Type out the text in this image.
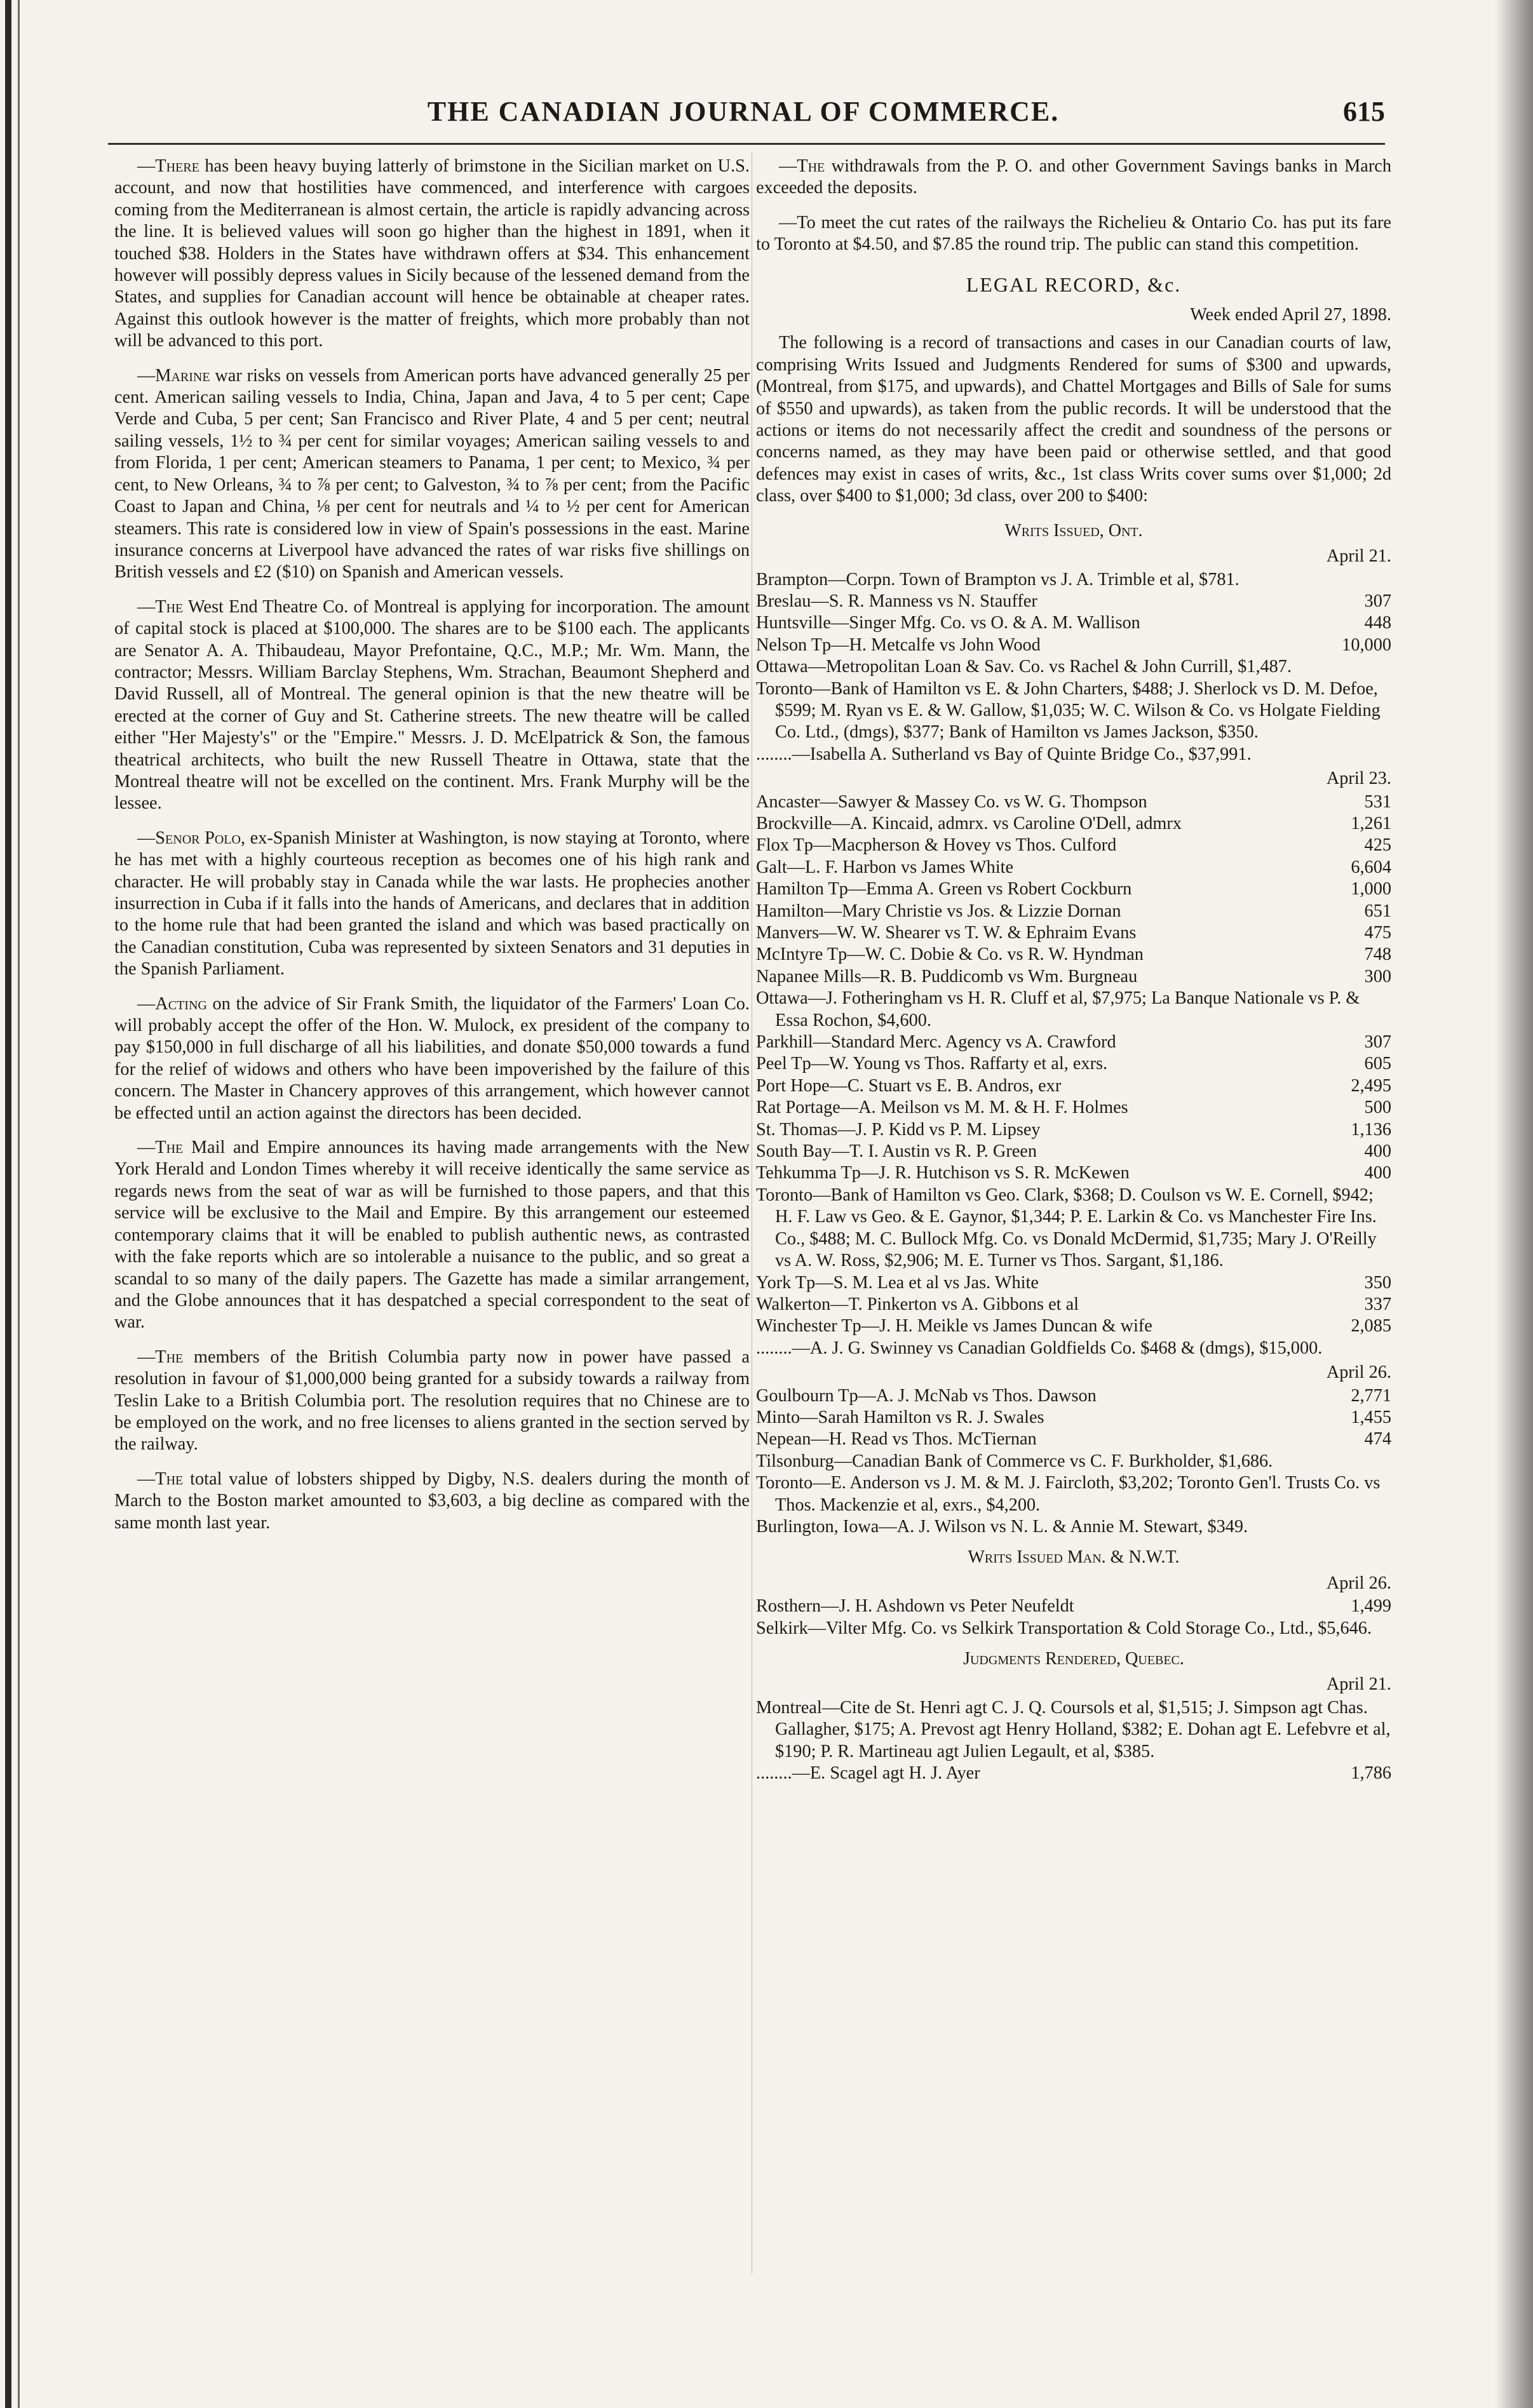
THE CANADIAN JOURNAL OF COMMERCE.	615

—There has been heavy buying latterly of brimstone in the Sicilian market on U.S. account, and now that hostilities have commenced, and interference with cargoes coming from the Mediterranean is almost certain, the article is rapidly advancing across the line. It is believed values will soon go higher than the highest in 1891, when it touched $38. Holders in the States have withdrawn offers at $34. This enhancement however will possibly depress values in Sicily because of the lessened demand from the States, and supplies for Canadian account will hence be obtainable at cheaper rates. Against this outlook however is the matter of freights, which more probably than not will be advanced to this port.

—Marine war risks on vessels from American ports have advanced generally 25 per cent. American sailing vessels to India, China, Japan and Java, 4 to 5 per cent; Cape Verde and Cuba, 5 per cent; San Francisco and River Plate, 4 and 5 per cent; neutral sailing vessels, 1½ to ¾ per cent for similar voyages; American sailing vessels to and from Florida, 1 per cent; American steamers to Panama, 1 per cent; to Mexico, ¾ per cent, to New Orleans, ¾ to ⅞ per cent; to Galveston, ¾ to ⅞ per cent; from the Pacific Coast to Japan and China, ⅛ per cent for neutrals and ¼ to ½ per cent for American steamers. This rate is considered low in view of Spain's possessions in the east. Marine insurance concerns at Liverpool have advanced the rates of war risks five shillings on British vessels and £2 ($10) on Spanish and American vessels.

—The West End Theatre Co. of Montreal is applying for incorporation. The amount of capital stock is placed at $100,000. The shares are to be $100 each. The applicants are Senator A. A. Thibaudeau, Mayor Prefontaine, Q.C., M.P.; Mr. Wm. Mann, the contractor; Messrs. William Barclay Stephens, Wm. Strachan, Beaumont Shepherd and David Russell, all of Montreal. The general opinion is that the new theatre will be erected at the corner of Guy and St. Catherine streets. The new theatre will be called either "Her Majesty's" or the "Empire." Messrs. J. D. McElpatrick & Son, the famous theatrical architects, who built the new Russell Theatre in Ottawa, state that the Montreal theatre will not be excelled on the continent. Mrs. Frank Murphy will be the lessee.

—Senor Polo, ex-Spanish Minister at Washington, is now staying at Toronto, where he has met with a highly courteous reception as becomes one of his high rank and character. He will probably stay in Canada while the war lasts. He prophecies another insurrection in Cuba if it falls into the hands of Americans, and declares that in addition to the home rule that had been granted the island and which was based practically on the Canadian constitution, Cuba was represented by sixteen Senators and 31 deputies in the Spanish Parliament.

—Acting on the advice of Sir Frank Smith, the liquidator of the Farmers' Loan Co. will probably accept the offer of the Hon. W. Mulock, ex president of the company to pay $150,000 in full discharge of all his liabilities, and donate $50,000 towards a fund for the relief of widows and others who have been impoverished by the failure of this concern. The Master in Chancery approves of this arrangement, which however cannot be effected until an action against the directors has been decided.

—The Mail and Empire announces its having made arrangements with the New York Herald and London Times whereby it will receive identically the same service as regards news from the seat of war as will be furnished to those papers, and that this service will be exclusive to the Mail and Empire. By this arrangement our esteemed contemporary claims that it will be enabled to publish authentic news, as contrasted with the fake reports which are so intolerable a nuisance to the public, and so great a scandal to so many of the daily papers. The Gazette has made a similar arrangement, and the Globe announces that it has despatched a special correspondent to the seat of war.

—The members of the British Columbia party now in power have passed a resolution in favour of $1,000,000 being granted for a subsidy towards a railway from Teslin Lake to a British Columbia port. The resolution requires that no Chinese are to be employed on the work, and no free licenses to aliens granted in the section served by the railway.

—The total value of lobsters shipped by Digby, N.S. dealers during the month of March to the Boston market amounted to $3,603, a big decline as compared with the same month last year.

—The withdrawals from the P. O. and other Government Savings banks in March exceeded the deposits.

—To meet the cut rates of the railways the Richelieu & Ontario Co. has put its fare to Toronto at $4.50, and $7.85 the round trip. The public can stand this competition.

LEGAL RECORD, &c.
Week ended April 27, 1898.

The following is a record of transactions and cases in our Canadian courts of law, comprising Writs Issued and Judgments Rendered for sums of $300 and upwards, (Montreal, from $175, and upwards), and Chattel Mortgages and Bills of Sale for sums of $550 and upwards), as taken from the public records. It will be understood that the actions or items do not necessarily affect the credit and soundness of the persons or concerns named, as they may have been paid or otherwise settled, and that good defences may exist in cases of writs, &c., 1st class Writs cover sums over $1,000; 2d class, over $400 to $1,000; 3d class, over 200 to $400:

Writs Issued, Ont.
April 21.
Brampton—Corpn. Town of Brampton vs J. A. Trimble et al, $781.
Breslau—S. R. Manness vs N. Stauffer	307
Huntsville—Singer Mfg. Co. vs O. & A. M. Wallison	448
Nelson Tp—H. Metcalfe vs John Wood	10,000
Ottawa—Metropolitan Loan & Sav. Co. vs Rachel & John Currill, $1,487.
Toronto—Bank of Hamilton vs E. & John Charters, $488; J. Sherlock vs D. M. Defoe, $599; M. Ryan vs E. & W. Gallow, $1,035; W. C. Wilson & Co. vs Holgate Fielding Co. Ltd., (dmgs), $377; Bank of Hamilton vs James Jackson, $350.
........—Isabella A. Sutherland vs Bay of Quinte Bridge Co., $37,991.
April 23.
Ancaster—Sawyer & Massey Co. vs W. G. Thompson	531
Brockville—A. Kincaid, admrx. vs Caroline O'Dell, admrx	1,261
Flox Tp—Macpherson & Hovey vs Thos. Culford	425
Galt—L. F. Harbon vs James White	6,604
Hamilton Tp—Emma A. Green vs Robert Cockburn	1,000
Hamilton—Mary Christie vs Jos. & Lizzie Dornan	651
Manvers—W. W. Shearer vs T. W. & Ephraim Evans	475
McIntyre Tp—W. C. Dobie & Co. vs R. W. Hyndman	748
Napanee Mills—R. B. Puddicomb vs Wm. Burgneau	300
Ottawa—J. Fotheringham vs H. R. Cluff et al, $7,975; La Banque Nationale vs P. & Essa Rochon, $4,600.
Parkhill—Standard Merc. Agency vs A. Crawford	307
Peel Tp—W. Young vs Thos. Raffarty et al, exrs.	605
Port Hope—C. Stuart vs E. B. Andros, exr	2,495
Rat Portage—A. Meilson vs M. M. & H. F. Holmes	500
St. Thomas—J. P. Kidd vs P. M. Lipsey	1,136
South Bay—T. I. Austin vs R. P. Green	400
Tehkumma Tp—J. R. Hutchison vs S. R. McKewen	400
Toronto—Bank of Hamilton vs Geo. Clark, $368; D. Coulson vs W. E. Cornell, $942; H. F. Law vs Geo. & E. Gaynor, $1,344; P. E. Larkin & Co. vs Manchester Fire Ins. Co., $488; M. C. Bullock Mfg. Co. vs Donald McDermid, $1,735; Mary J. O'Reilly vs A. W. Ross, $2,906; M. E. Turner vs Thos. Sargant, $1,186.
York Tp—S. M. Lea et al vs Jas. White	350
Walkerton—T. Pinkerton vs A. Gibbons et al	337
Winchester Tp—J. H. Meikle vs James Duncan & wife	2,085
........—A. J. G. Swinney vs Canadian Goldfields Co. $468 & (dmgs), $15,000.
April 26.
Goulbourn Tp—A. J. McNab vs Thos. Dawson	2,771
Minto—Sarah Hamilton vs R. J. Swales	1,455
Nepean—H. Read vs Thos. McTiernan	474
Tilsonburg—Canadian Bank of Commerce vs C. F. Burkholder, $1,686.
Toronto—E. Anderson vs J. M. & M. J. Faircloth, $3,202; Toronto Gen'l. Trusts Co. vs Thos. Mackenzie et al, exrs., $4,200.
Burlington, Iowa—A. J. Wilson vs N. L. & Annie M. Stewart, $349.
Writs Issued Man. & N.W.T.
April 26.
Rosthern—J. H. Ashdown vs Peter Neufeldt	1,499
Selkirk—Vilter Mfg. Co. vs Selkirk Transportation & Cold Storage Co., Ltd., $5,646.
Judgments Rendered, Quebec.
April 21.
Montreal—Cite de St. Henri agt C. J. Q. Coursols et al, $1,515; J. Simpson agt Chas. Gallagher, $175; A. Prevost agt Henry Holland, $382; E. Dohan agt E. Lefebvre et al, $190; P. R. Martineau agt Julien Legault, et al, $385.
........—E. Scagel agt H. J. Ayer	1,786
